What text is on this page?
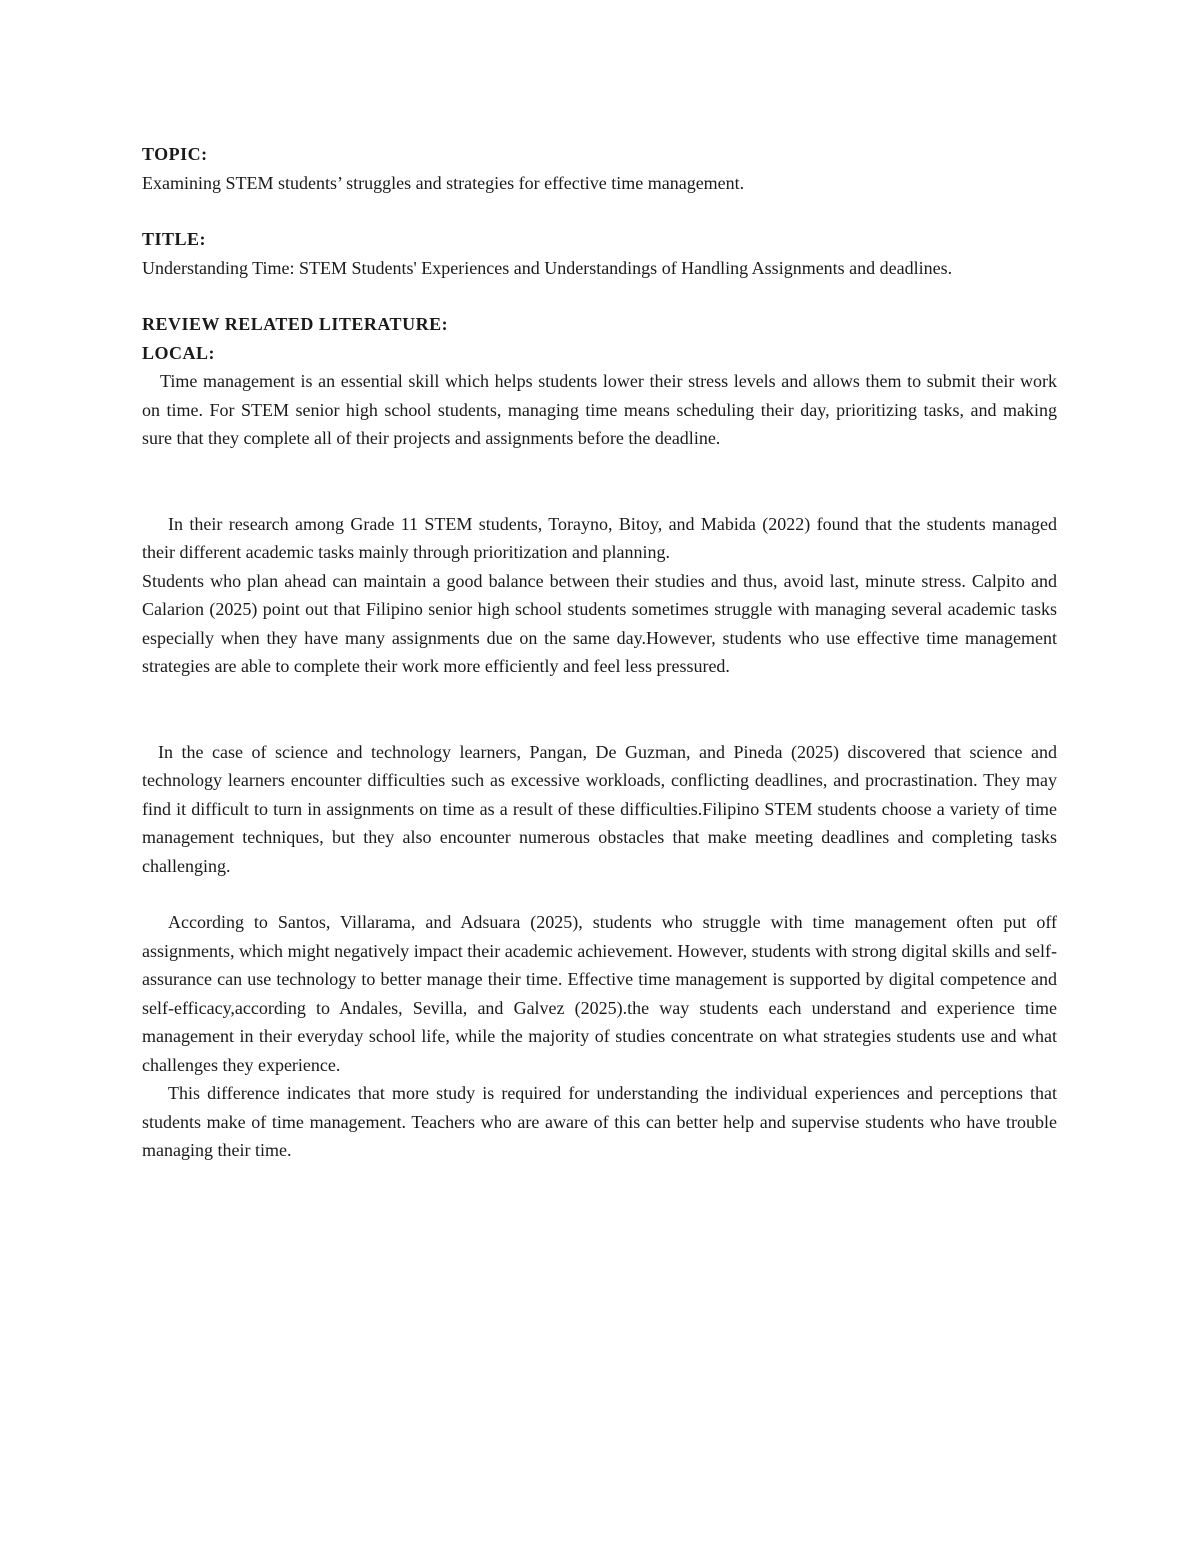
TOPIC:

Examining STEM students’ struggles and strategies for effective time management.

TITLE:

Understanding Time: STEM Students' Experiences and Understandings of Handling Assignments and deadlines.

REVIEW RELATED LITERATURE:

LOCAL:

Time management is an essential skill which helps students lower their stress levels and allows them to submit their work on time. For STEM senior high school students, managing time means scheduling their day, prioritizing tasks, and making sure that they complete all of their projects and assignments before the deadline.

In their research among Grade 11 STEM students, Torayno, Bitoy, and Mabida (2022) found that the students managed their different academic tasks mainly through prioritization and planning.

Students who plan ahead can maintain a good balance between their studies and thus, avoid last, minute stress. Calpito and Calarion (2025) point out that Filipino senior high school students sometimes struggle with managing several academic tasks especially when they have many assignments due on the same day.However, students who use effective time management strategies are able to complete their work more efficiently and feel less pressured.

In the case of science and technology learners, Pangan, De Guzman, and Pineda (2025) discovered that science and technology learners encounter difficulties such as excessive workloads, conflicting deadlines, and procrastination. They may find it difficult to turn in assignments on time as a result of these difficulties.Filipino STEM students choose a variety of time management techniques, but they also encounter numerous obstacles that make meeting deadlines and completing tasks challenging.

According to Santos, Villarama, and Adsuara (2025), students who struggle with time management often put off assignments, which might negatively impact their academic achievement. However, students with strong digital skills and self-assurance can use technology to better manage their time. Effective time management is supported by digital competence and self-efficacy,according to Andales, Sevilla, and Galvez (2025).the way students each understand and experience time management in their everyday school life, while the majority of studies concentrate on what strategies students use and what challenges they experience.

This difference indicates that more study is required for understanding the individual experiences and perceptions that students make of time management. Teachers who are aware of this can better help and supervise students who have trouble managing their time.
